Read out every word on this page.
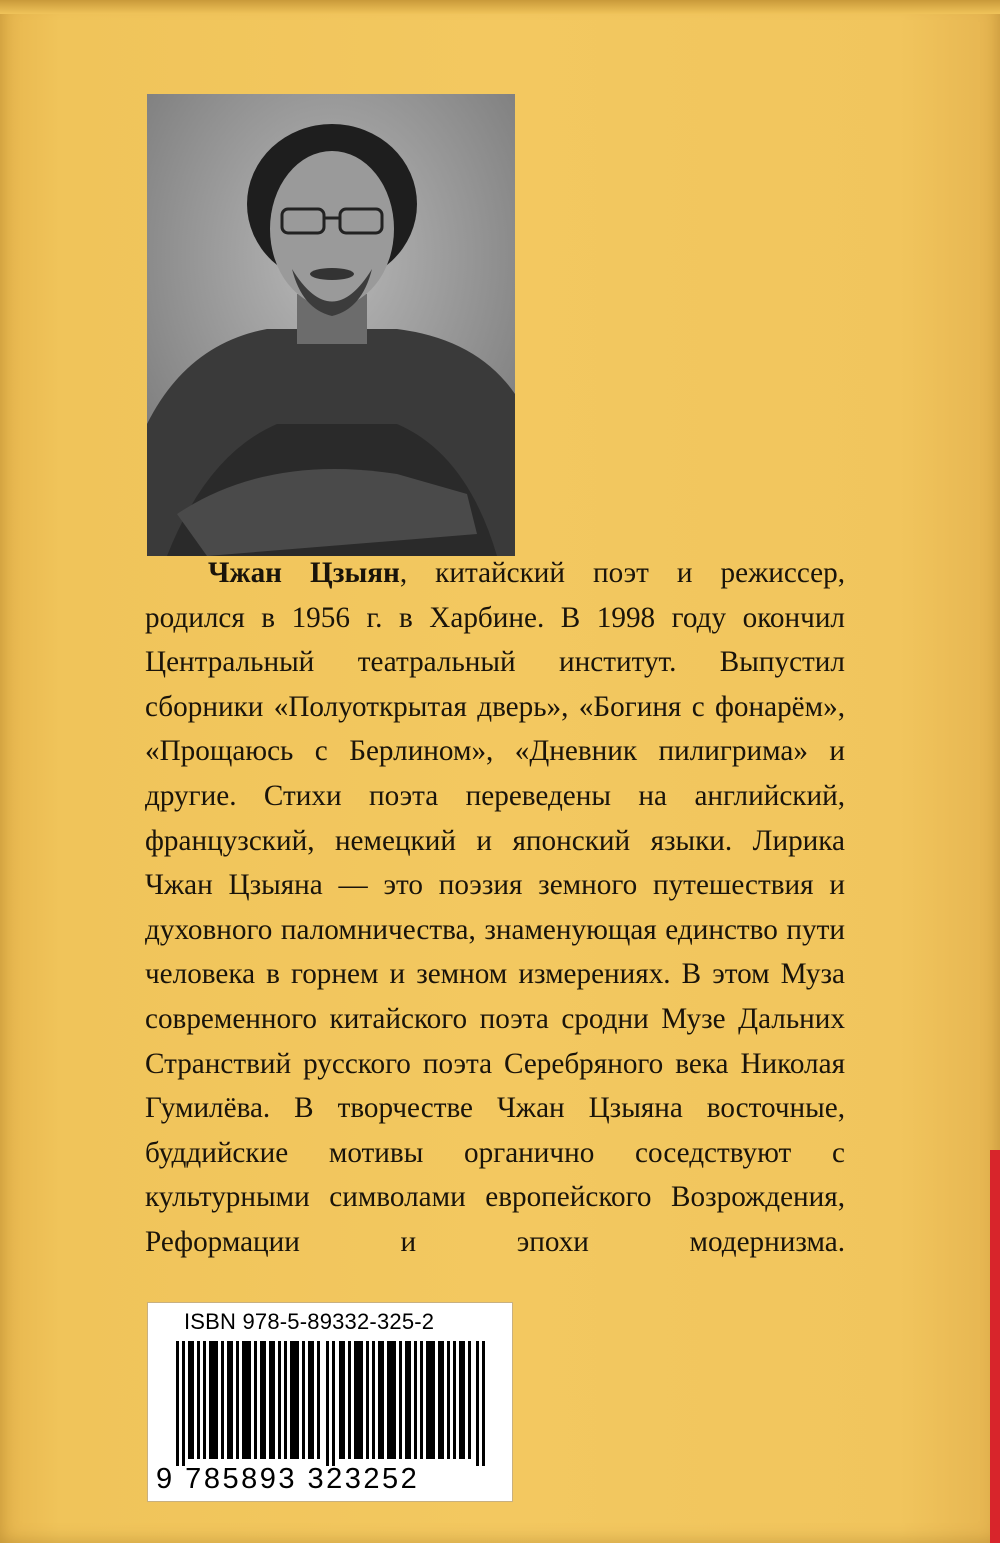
Чжан Цзыян, китайский поэт и режиссер, родился в 1956 г. в Харбине. В 1998 году окончил Центральный театральный институт. Выпустил сборники «Полуоткрытая дверь», «Богиня с фонарём», «Прощаюсь с Берлином», «Дневник пилигрима» и другие. Стихи поэта переведены на английский, французский, немецкий и японский языки. Лирика Чжан Цзыяна — это поэзия земного путешествия и духовного паломничества, знаменующая единство пути человека в горнем и земном измерениях. В этом Муза современного китайского поэта сродни Музе Дальних Странствий русского поэта Серебряного века Николая Гумилёва. В творчестве Чжан Цзыяна восточные, буддийские мотивы органично соседствуют с культурными символами европейского Возрождения, Реформации и эпохи модернизма.

ISBN 978-5-89332-325-2
9 785893 323252
